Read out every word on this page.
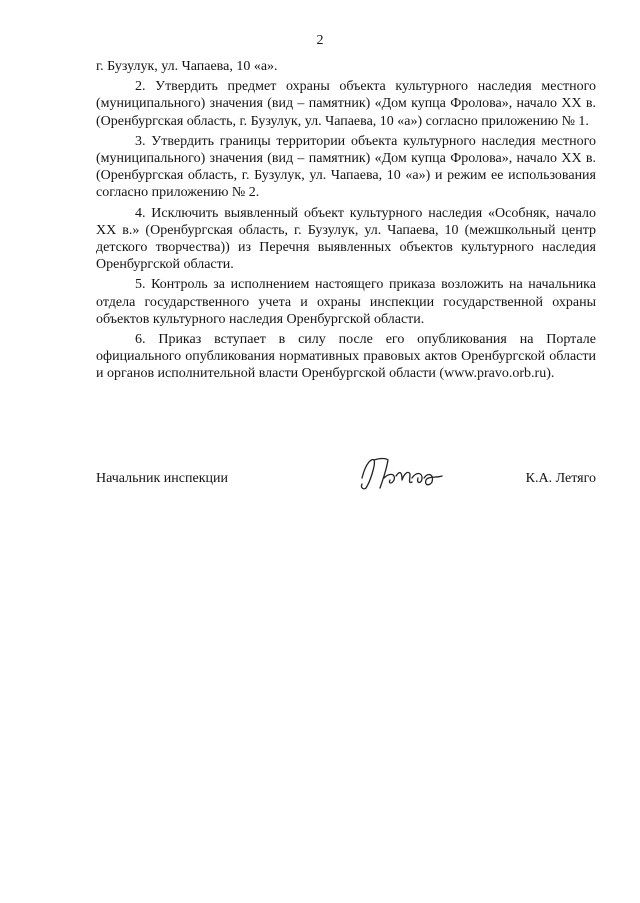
2

г. Бузулук, ул. Чапаева, 10 «а».

2. Утвердить предмет охраны объекта культурного наследия местного (муниципального) значения (вид – памятник) «Дом купца Фролова», начало ХХ в. (Оренбургская область, г. Бузулук, ул. Чапаева, 10 «а») согласно приложению № 1.

3. Утвердить границы территории объекта культурного наследия местного (муниципального) значения (вид – памятник) «Дом купца Фролова», начало ХХ в. (Оренбургская область, г. Бузулук, ул. Чапаева, 10 «а») и режим ее использования согласно приложению № 2.

4. Исключить выявленный объект культурного наследия «Особняк, начало ХХ в.» (Оренбургская область, г. Бузулук, ул. Чапаева, 10 (межшкольный центр детского творчества)) из Перечня выявленных объектов культурного наследия Оренбургской области.

5. Контроль за исполнением настоящего приказа возложить на начальника отдела государственного учета и охраны инспекции государственной охраны объектов культурного наследия Оренбургской области.

6. Приказ вступает в силу после его опубликования на Портале официального опубликования нормативных правовых актов Оренбургской области и органов исполнительной власти Оренбургской области (www.pravo.orb.ru).

Начальник инспекции	К.А. Летяго
